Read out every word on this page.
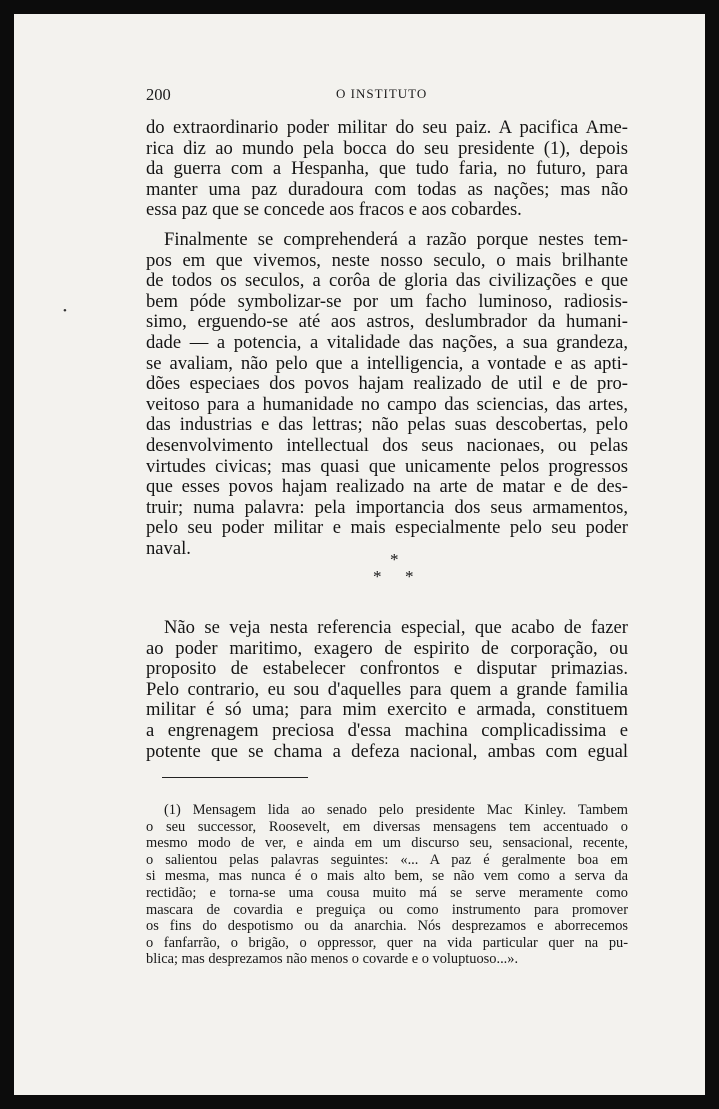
200	O INSTITUTO
•
do extraordinario poder militar do seu paiz. A pacifica Ame-
rica diz ao mundo pela bocca do seu presidente (1), depois
da guerra com a Hespanha, que tudo faria, no futuro, para
manter uma paz duradoura com todas as nações; mas não
essa paz que se concede aos fracos e aos cobardes.
Finalmente se comprehenderá a razão porque nestes tem-
pos em que vivemos, neste nosso seculo, o mais brilhante
de todos os seculos, a corôa de gloria das civilizações e que
bem póde symbolizar-se por um facho luminoso, radiosis-
simo, erguendo-se até aos astros, deslumbrador da humani-
dade — a potencia, a vitalidade das nações, a sua grandeza,
se avaliam, não pelo que a intelligencia, a vontade e as apti-
dões especiaes dos povos hajam realizado de util e de pro-
veitoso para a humanidade no campo das sciencias, das artes,
das industrias e das lettras; não pelas suas descobertas, pelo
desenvolvimento intellectual dos seus nacionaes, ou pelas
virtudes civicas; mas quasi que unicamente pelos progressos
que esses povos hajam realizado na arte de matar e de des-
truir; numa palavra: pela importancia dos seus armamentos,
pelo seu poder militar e mais especialmente pelo seu poder
naval.
*
* *
Não se veja nesta referencia especial, que acabo de fazer
ao poder maritimo, exagero de espirito de corporação, ou
proposito de estabelecer confrontos e disputar primazias.
Pelo contrario, eu sou d'aquelles para quem a grande familia
militar é só uma; para mim exercito e armada, constituem
a engrenagem preciosa d'essa machina complicadissima e
potente que se chama a defeza nacional, ambas com egual
(1) Mensagem lida ao senado pelo presidente Mac Kinley. Tambem
o seu successor, Roosevelt, em diversas mensagens tem accentuado o
mesmo modo de ver, e ainda em um discurso seu, sensacional, recente,
o salientou pelas palavras seguintes: «... A paz é geralmente boa em
si mesma, mas nunca é o mais alto bem, se não vem como a serva da
rectidão; e torna-se uma cousa muito má se serve meramente como
mascara de covardia e preguiça ou como instrumento para promover
os fins do despotismo ou da anarchia. Nós desprezamos e aborrecemos
o fanfarrão, o brigão, o oppressor, quer na vida particular quer na pu-
blica; mas desprezamos não menos o covarde e o voluptuoso...».
